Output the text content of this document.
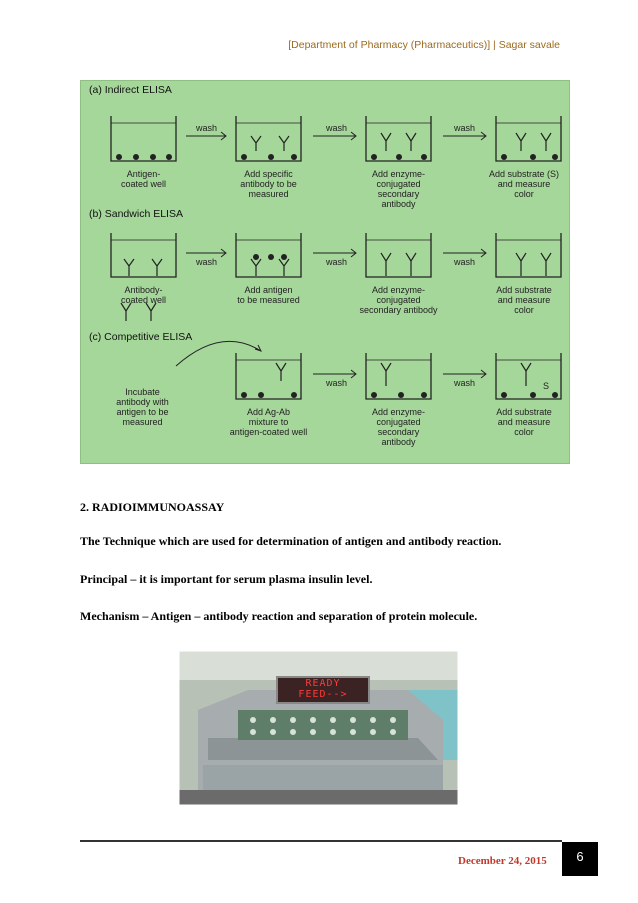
[Department of Pharmacy (Pharmaceutics)] | Sagar savale
(a) Indirect ELISA
(b) Sandwich ELISA
(c) Competitive ELISA
wash	wash	wash
wash	wash	wash
wash	wash	S
Antigen-
coated well
Add specific
antibody to be
measured
Add enzyme-
conjugated
secondary
antibody
Add substrate (S)
and measure
color
Antibody-
coated well
Add antigen
to be measured
Add enzyme-
conjugated
secondary antibody
Add substrate
and measure
color
Incubate
antibody with
antigen to be
measured
Add Ag-Ab
mixture to
antigen-coated well
Add enzyme-
conjugated
secondary
antibody
Add substrate
and measure
color
2. RADIOIMMUNOASSAY
The Technique which are used for determination of antigen and antibody reaction.
Principal – it is important for serum plasma insulin level.
Mechanism – Antigen – antibody reaction and separation of protein molecule.
READY
FEED-->
December 24, 2015	6
